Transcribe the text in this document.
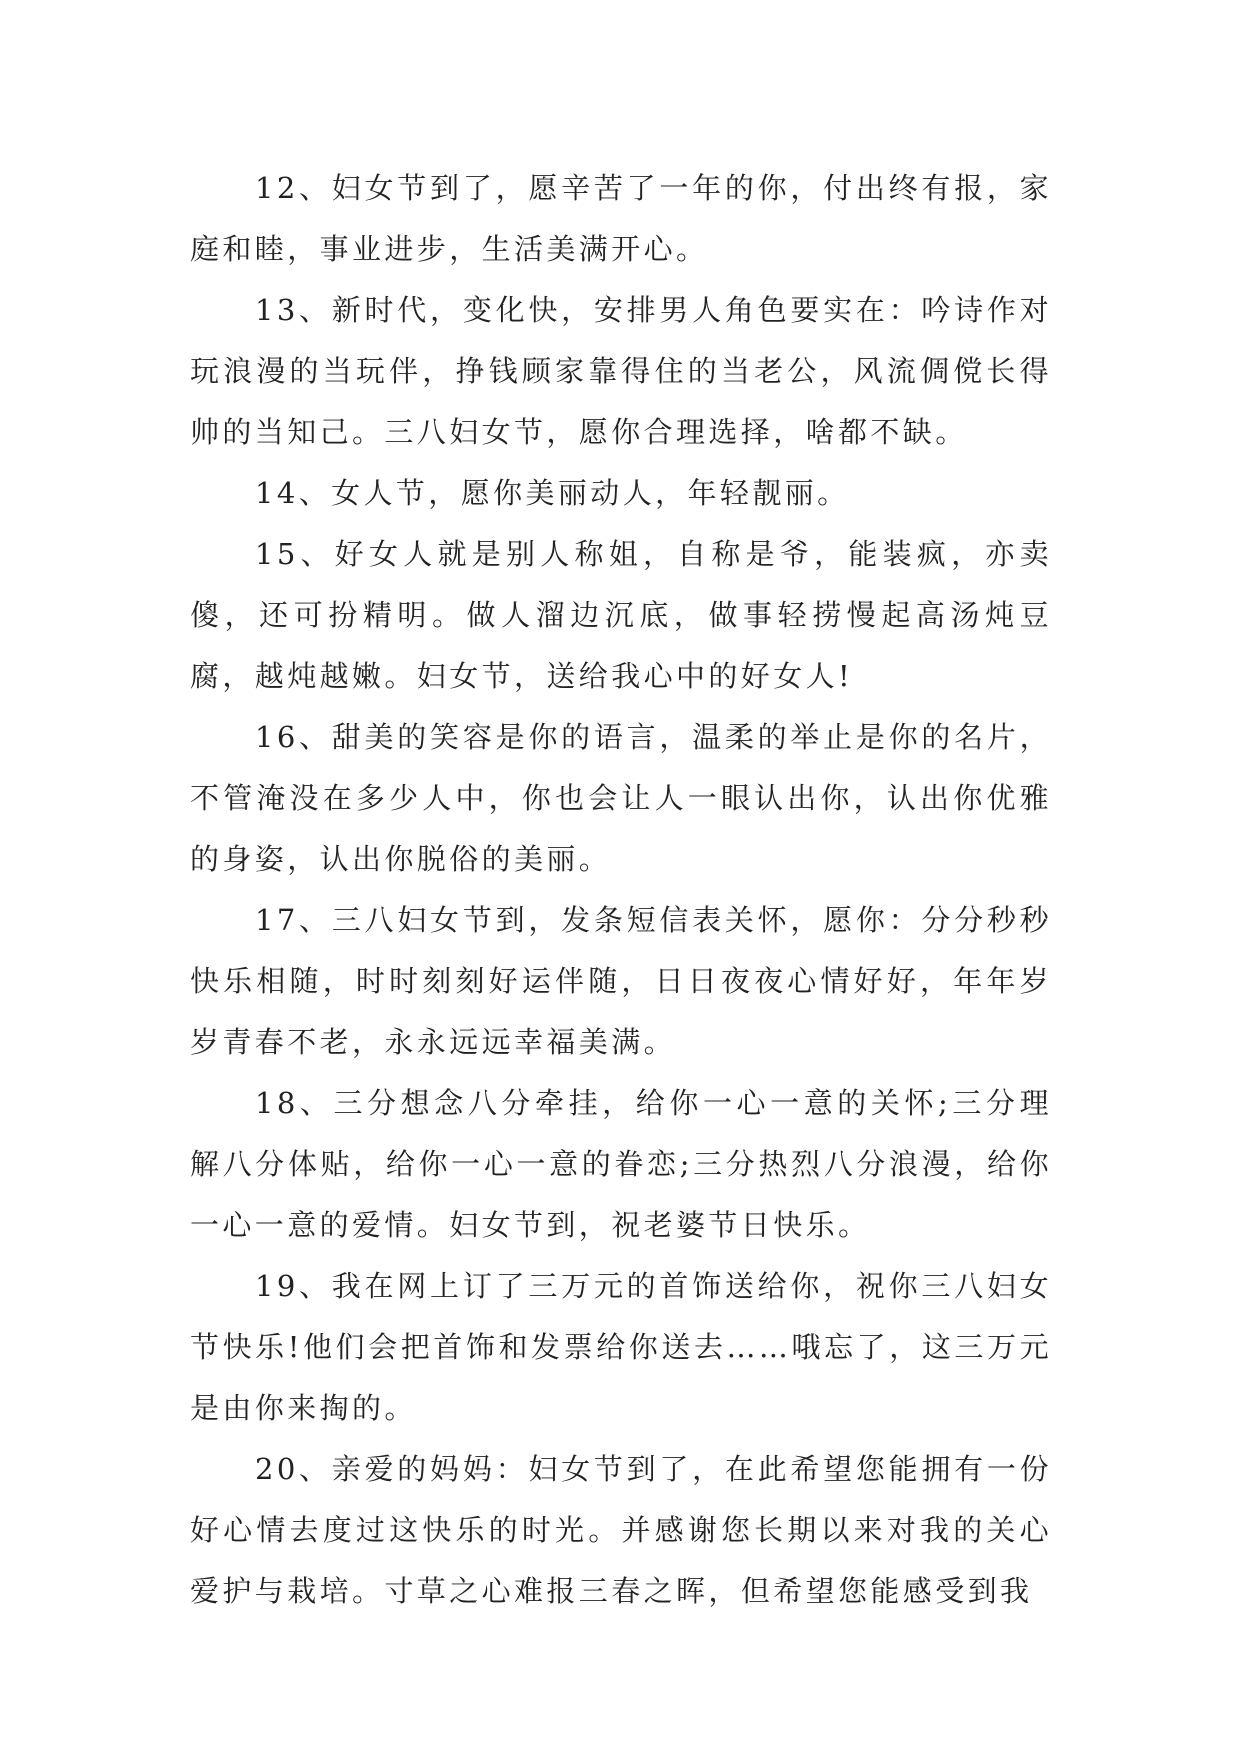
12、妇女节到了，愿辛苦了一年的你，付出终有报，家庭和睦，事业进步，生活美满开心。

13、新时代，变化快，安排男人角色要实在：吟诗作对玩浪漫的当玩伴，挣钱顾家靠得住的当老公，风流倜傥长得帅的当知己。三八妇女节，愿你合理选择，啥都不缺。

14、女人节，愿你美丽动人，年轻靓丽。

15、好女人就是别人称姐，自称是爷，能装疯，亦卖傻，还可扮精明。做人溜边沉底，做事轻捞慢起高汤炖豆腐，越炖越嫩。妇女节，送给我心中的好女人!

16、甜美的笑容是你的语言，温柔的举止是你的名片，不管淹没在多少人中，你也会让人一眼认出你，认出你优雅的身姿，认出你脱俗的美丽。

17、三八妇女节到，发条短信表关怀，愿你：分分秒秒快乐相随，时时刻刻好运伴随，日日夜夜心情好好，年年岁岁青春不老，永永远远幸福美满。

18、三分想念八分牵挂，给你一心一意的关怀;三分理解八分体贴，给你一心一意的眷恋;三分热烈八分浪漫，给你一心一意的爱情。妇女节到，祝老婆节日快乐。

19、我在网上订了三万元的首饰送给你，祝你三八妇女节快乐!他们会把首饰和发票给你送去……哦忘了，这三万元是由你来掏的。

20、亲爱的妈妈：妇女节到了，在此希望您能拥有一份好心情去度过这快乐的时光。并感谢您长期以来对我的关心爱护与栽培。寸草之心难报三春之晖，但希望您能感受到我
